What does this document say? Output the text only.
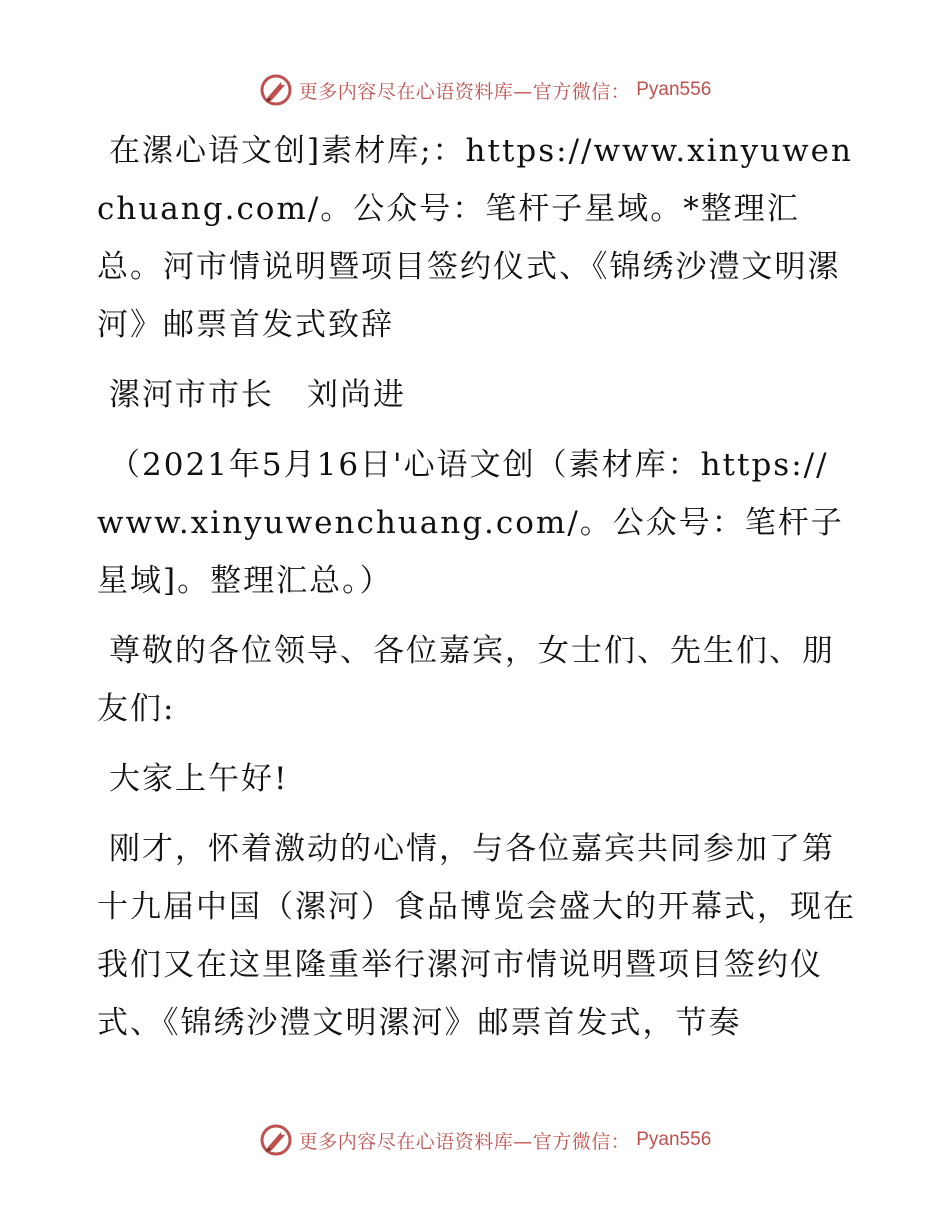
更多内容尽在心语资料库—官方微信： Pyan556

在漯心语文创]素材库;：https://www.xinyuwenchuang.com/。公众号：笔杆子星域。*整理汇总。河市情说明暨项目签约仪式、《锦绣沙澧文明漯河》邮票首发式致辞

漯河市市长　刘尚进

（2021年5月16日'心语文创（素材库：https://www.xinyuwenchuang.com/。公众号：笔杆子星域]。整理汇总。）

尊敬的各位领导、各位嘉宾，女士们、先生们、朋友们:

大家上午好!

刚才，怀着激动的心情，与各位嘉宾共同参加了第十九届中国（漯河）食品博览会盛大的开幕式，现在我们又在这里隆重举行漯河市情说明暨项目签约仪式、《锦绣沙澧文明漯河》邮票首发式，节奏

更多内容尽在心语资料库—官方微信： Pyan556
